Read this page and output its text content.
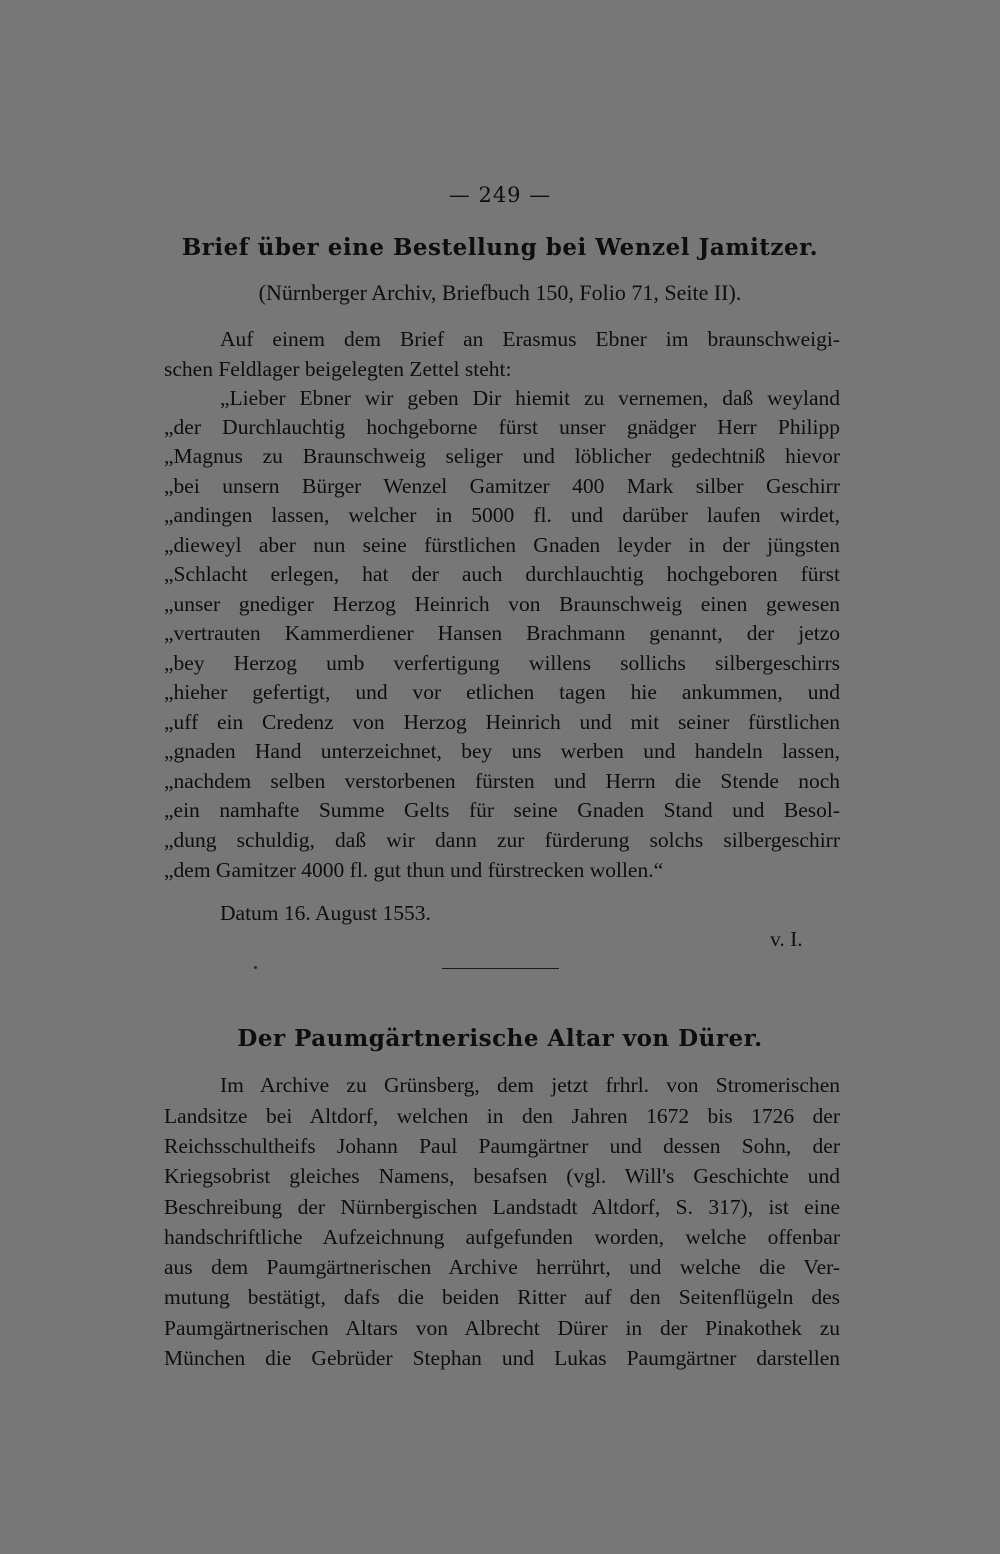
— 249 —
Brief über eine Bestellung bei Wenzel Jamitzer.
(Nürnberger Archiv, Briefbuch 150, Folio 71, Seite II).
Auf einem dem Brief an Erasmus Ebner im braunschweigi-
schen Feldlager beigelegten Zettel steht:
„Lieber Ebner wir geben Dir hiemit zu vernemen, daß weyland
„der Durchlauchtig hochgeborne fürst unser gnädger Herr Philipp
„Magnus zu Braunschweig seliger und löblicher gedechtniß hievor
„bei unsern Bürger Wenzel Gamitzer 400 Mark silber Geschirr
„andingen lassen, welcher in 5000 fl. und darüber laufen wirdet,
„dieweyl aber nun seine fürstlichen Gnaden leyder in der jüngsten
„Schlacht erlegen, hat der auch durchlauchtig hochgeboren fürst
„unser gnediger Herzog Heinrich von Braunschweig einen gewesen
„vertrauten Kammerdiener Hansen Brachmann genannt, der jetzo
„bey Herzog umb verfertigung willens sollichs silbergeschirrs
„hieher gefertigt, und vor etlichen tagen hie ankummen, und
„uff ein Credenz von Herzog Heinrich und mit seiner fürstlichen
„gnaden Hand unterzeichnet, bey uns werben und handeln lassen,
„nachdem selben verstorbenen fürsten und Herrn die Stende noch
„ein namhafte Summe Gelts für seine Gnaden Stand und Besol-
„dung schuldig, daß wir dann zur fürderung solchs silbergeschirr
„dem Gamitzer 4000 fl. gut thun und fürstrecken wollen.“
Datum 16. August 1553.
v. I.
Der Paumgärtnerische Altar von Dürer.
Im Archive zu Grünsberg, dem jetzt frhrl. von Stromerischen
Landsitze bei Altdorf, welchen in den Jahren 1672 bis 1726 der
Reichsschultheifs Johann Paul Paumgärtner und dessen Sohn, der
Kriegsobrist gleiches Namens, besafsen (vgl. Will's Geschichte und
Beschreibung der Nürnbergischen Landstadt Altdorf, S. 317), ist eine
handschriftliche Aufzeichnung aufgefunden worden, welche offenbar
aus dem Paumgärtnerischen Archive herrührt, und welche die Ver-
mutung bestätigt, dafs die beiden Ritter auf den Seitenflügeln des
Paumgärtnerischen Altars von Albrecht Dürer in der Pinakothek zu
München die Gebrüder Stephan und Lukas Paumgärtner darstellen
